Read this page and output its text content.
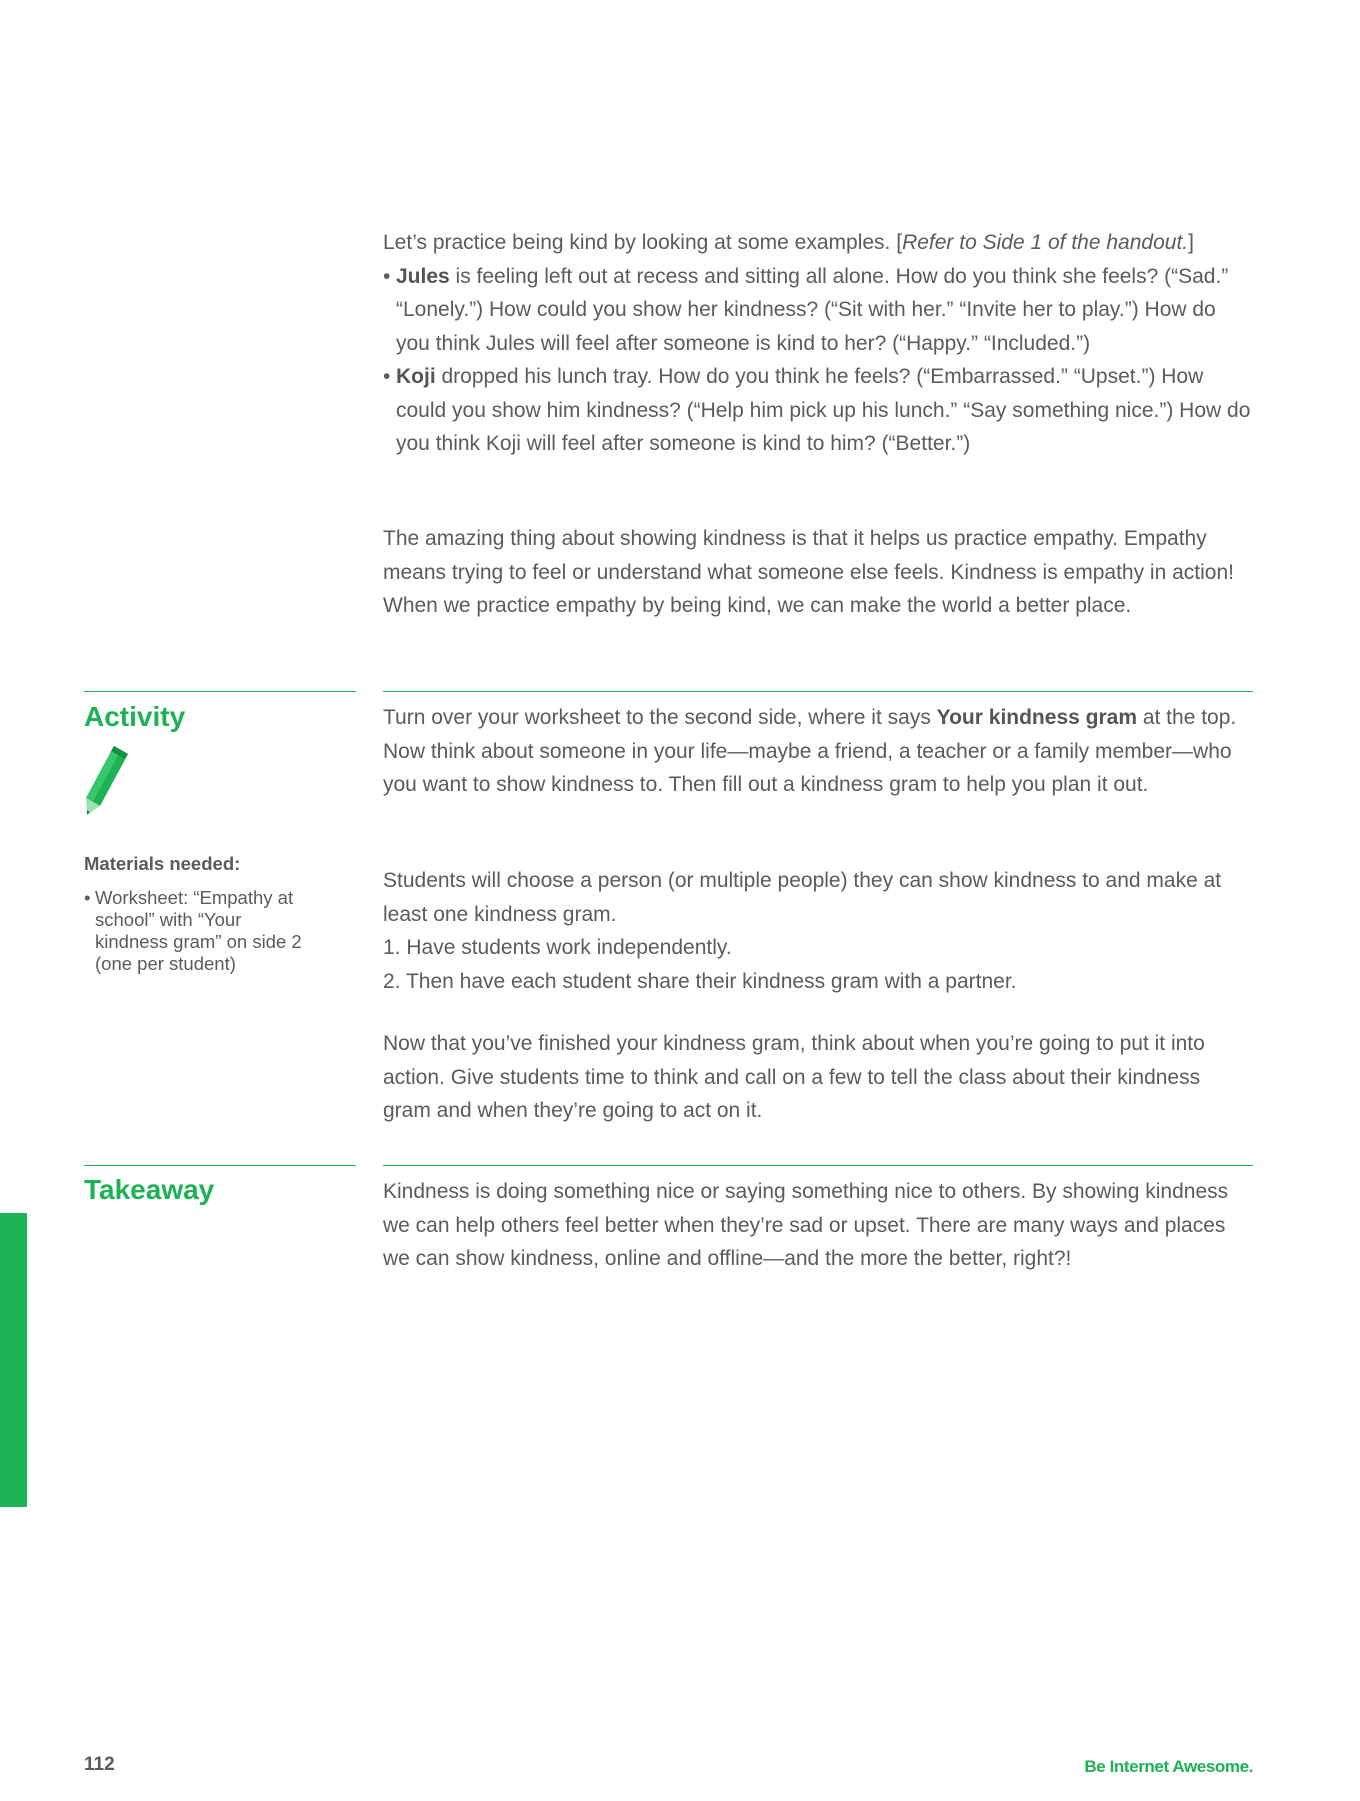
Let’s practice being kind by looking at some examples. [Refer to Side 1 of the handout.]

• Jules is feeling left out at recess and sitting all alone. How do you think she feels? (“Sad.” “Lonely.”) How could you show her kindness? (“Sit with her.” “Invite her to play.”) How do you think Jules will feel after someone is kind to her? (“Happy.” “Included.”)
• Koji dropped his lunch tray. How do you think he feels? (“Embarrassed.” “Upset.”) How could you show him kindness? (“Help him pick up his lunch.” “Say something nice.”) How do you think Koji will feel after someone is kind to him? (“Better.”)

The amazing thing about showing kindness is that it helps us practice empathy. Empathy means trying to feel or understand what someone else feels. Kindness is empathy in action! When we practice empathy by being kind, we can make the world a better place.

Activity

Materials needed:

• Worksheet: “Empathy at school” with “Your kindness gram” on side 2 (one per student)

Turn over your worksheet to the second side, where it says Your kindness gram at the top. Now think about someone in your life—maybe a friend, a teacher or a family member—who you want to show kindness to. Then fill out a kindness gram to help you plan it out.

Students will choose a person (or multiple people) they can show kindness to and make at least one kindness gram.

1. Have students work independently.

2. Then have each student share their kindness gram with a partner.

Now that you’ve finished your kindness gram, think about when you’re going to put it into action. Give students time to think and call on a few to tell the class about their kindness gram and when they’re going to act on it.

Takeaway	Kindness is doing something nice or saying something nice to others. By showing kindness we can help others feel better when they’re sad or upset. There are many ways and places we can show kindness, online and offline—and the more the better, right?!

112	Be Internet Awesome.
